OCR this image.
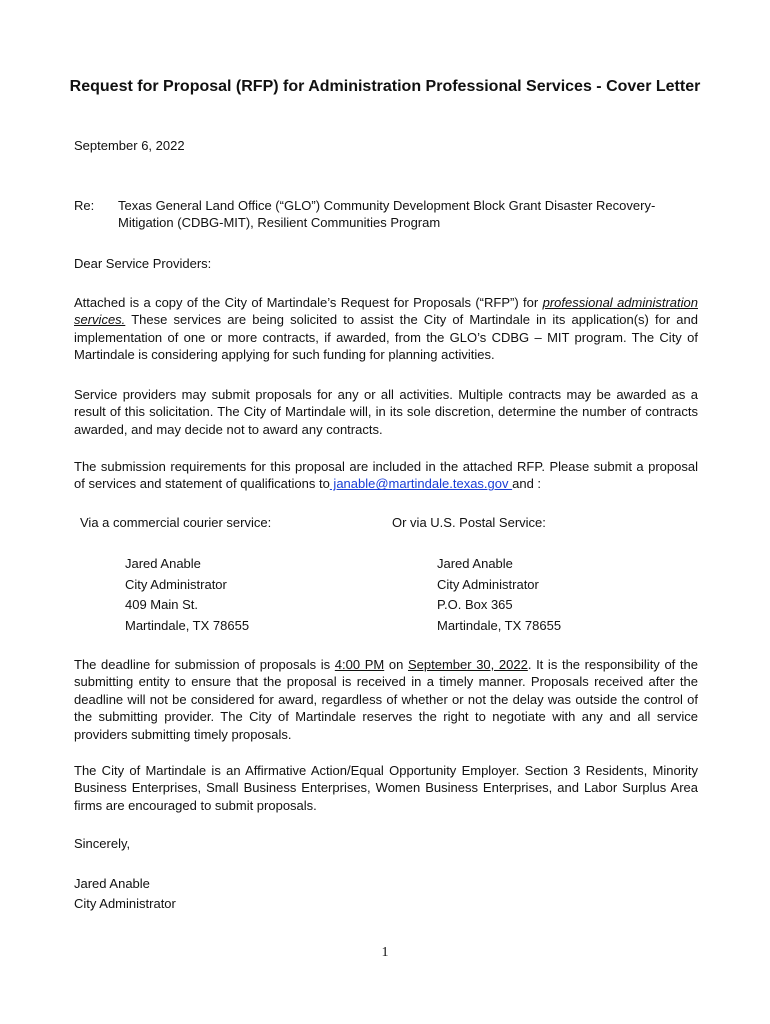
Request for Proposal (RFP) for Administration Professional Services - Cover Letter
September 6, 2022
Re: Texas General Land Office (“GLO”) Community Development Block Grant Disaster Recovery-Mitigation (CDBG-MIT), Resilient Communities Program
Dear Service Providers:
Attached is a copy of the City of Martindale’s Request for Proposals (“RFP”) for professional administration services. These services are being solicited to assist the City of Martindale in its application(s) for and implementation of one or more contracts, if awarded, from the GLO’s CDBG – MIT program. The City of Martindale is considering applying for such funding for planning activities.
Service providers may submit proposals for any or all activities. Multiple contracts may be awarded as a result of this solicitation. The City of Martindale will, in its sole discretion, determine the number of contracts awarded, and may decide not to award any contracts.
The submission requirements for this proposal are included in the attached RFP. Please submit a proposal of services and statement of qualifications to janable@martindale.texas.gov and :
Via a commercial courier service:	Or via U.S. Postal Service:
Jared Anable
City Administrator
409 Main St.
Martindale, TX 78655
Jared Anable
City Administrator
P.O. Box 365
Martindale, TX 78655
The deadline for submission of proposals is 4:00 PM on September 30, 2022. It is the responsibility of the submitting entity to ensure that the proposal is received in a timely manner. Proposals received after the deadline will not be considered for award, regardless of whether or not the delay was outside the control of the submitting provider. The City of Martindale reserves the right to negotiate with any and all service providers submitting timely proposals.
The City of Martindale is an Affirmative Action/Equal Opportunity Employer. Section 3 Residents, Minority Business Enterprises, Small Business Enterprises, Women Business Enterprises, and Labor Surplus Area firms are encouraged to submit proposals.
Sincerely,
Jared Anable
City Administrator
1
